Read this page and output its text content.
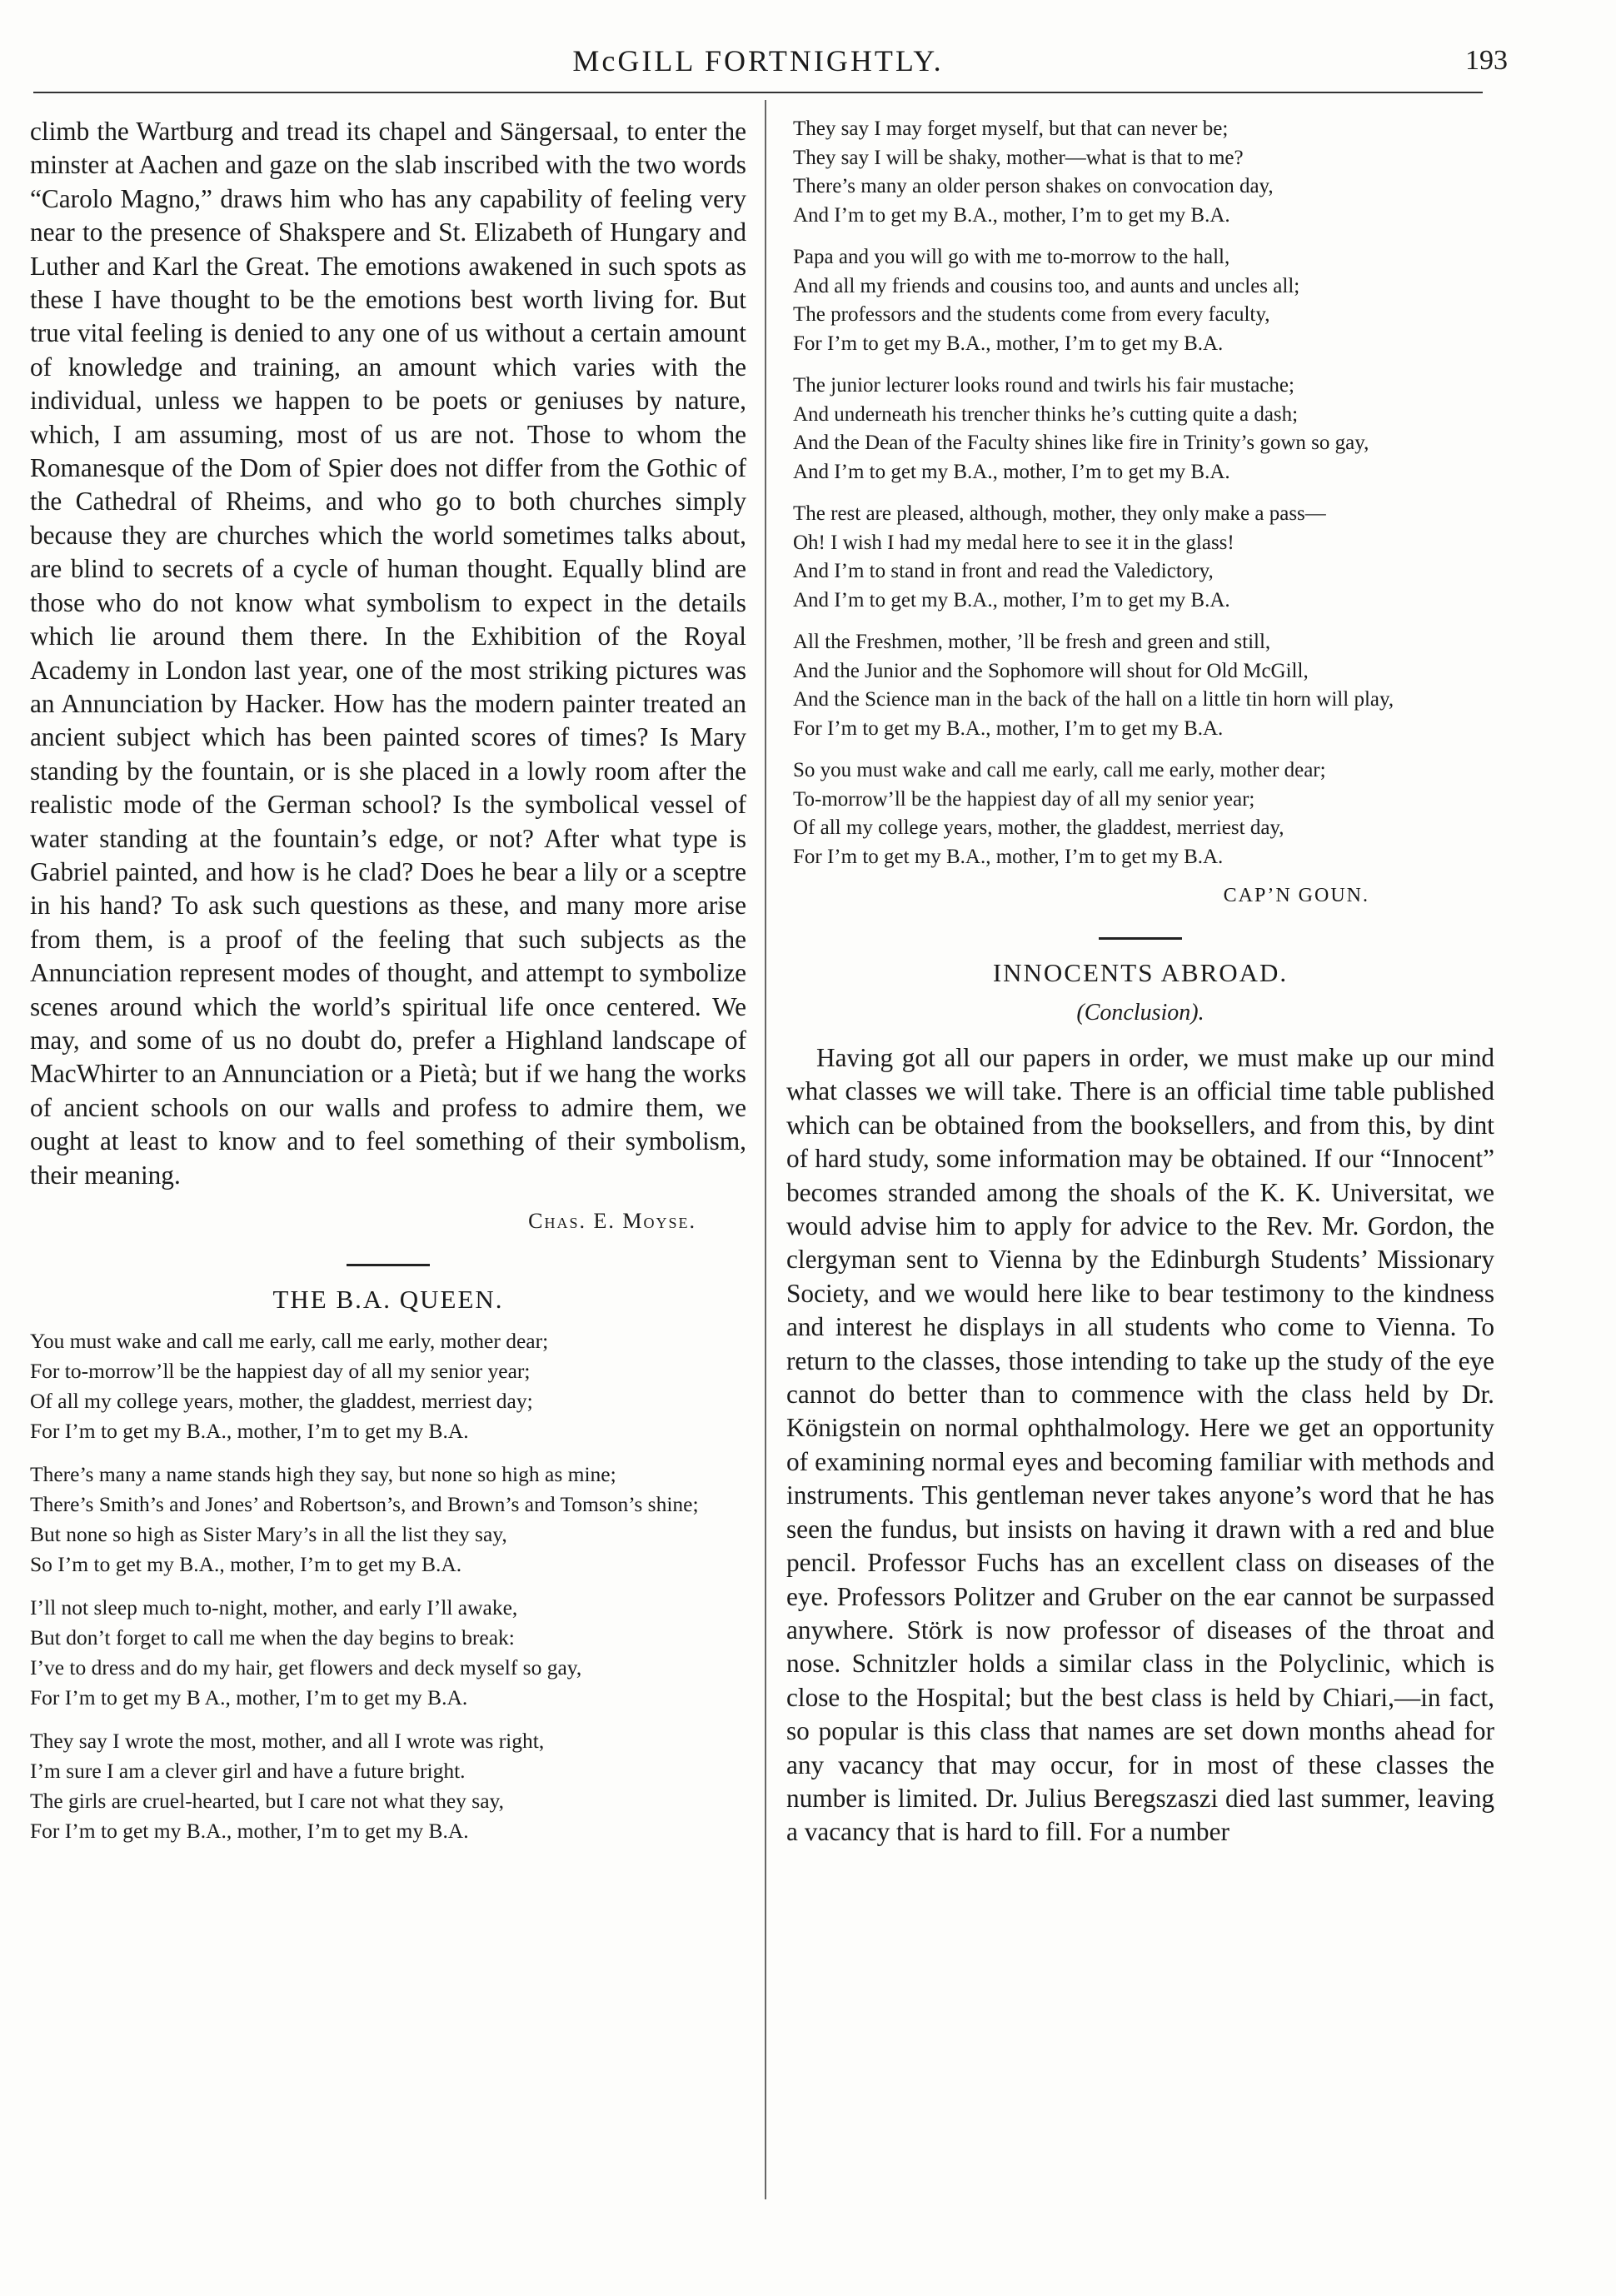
McGILL FORTNIGHTLY.	193

climb the Wartburg and tread its chapel and Sängersaal, to enter the minster at Aachen and gaze on the slab inscribed with the two words “Carolo Magno,” draws him who has any capability of feeling very near to the presence of Shakspere and St. Elizabeth of Hungary and Luther and Karl the Great. The emotions awakened in such spots as these I have thought to be the emotions best worth living for. But true vital feeling is denied to any one of us without a certain amount of knowledge and training, an amount which varies with the individual, unless we happen to be poets or geniuses by nature, which, I am assuming, most of us are not. Those to whom the Romanesque of the Dom of Spier does not differ from the Gothic of the Cathedral of Rheims, and who go to both churches simply because they are churches which the world sometimes talks about, are blind to secrets of a cycle of human thought. Equally blind are those who do not know what symbolism to expect in the details which lie around them there. In the Exhibition of the Royal Academy in London last year, one of the most striking pictures was an Annunciation by Hacker. How has the modern painter treated an ancient subject which has been painted scores of times? Is Mary standing by the fountain, or is she placed in a lowly room after the realistic mode of the German school? Is the symbolical vessel of water standing at the fountain’s edge, or not? After what type is Gabriel painted, and how is he clad? Does he bear a lily or a sceptre in his hand? To ask such questions as these, and many more arise from them, is a proof of the feeling that such subjects as the Annunciation represent modes of thought, and attempt to symbolize scenes around which the world’s spiritual life once centered. We may, and some of us no doubt do, prefer a Highland landscape of MacWhirter to an Annunciation or a Pietà; but if we hang the works of ancient schools on our walls and profess to admire them, we ought at least to know and to feel something of their symbolism, their meaning.

Chas. E. Moyse.
THE B.A. QUEEN.
You must wake and call me early, call me early, mother dear;
For to-morrow’ll be the happiest day of all my senior year;
Of all my college years, mother, the gladdest, merriest day;
For I’m to get my B.A., mother, I’m to get my B.A.
There’s many a name stands high they say, but none so high as mine;
There’s Smith’s and Jones’ and Robertson’s, and Brown’s and Tomson’s shine;
But none so high as Sister Mary’s in all the list they say,
So I’m to get my B.A., mother, I’m to get my B.A.
I’ll not sleep much to-night, mother, and early I’ll awake,
But don’t forget to call me when the day begins to break:
I’ve to dress and do my hair, get flowers and deck myself so gay,
For I’m to get my B A., mother, I’m to get my B.A.
They say I wrote the most, mother, and all I wrote was right,
I’m sure I am a clever girl and have a future bright.
The girls are cruel-hearted, but I care not what they say,
For I’m to get my B.A., mother, I’m to get my B.A.
They say I may forget myself, but that can never be;
They say I will be shaky, mother—what is that to me?
There’s many an older person shakes on convocation day,
And I’m to get my B.A., mother, I’m to get my B.A.
Papa and you will go with me to-morrow to the hall,
And all my friends and cousins too, and aunts and uncles all;
The professors and the students come from every faculty,
For I’m to get my B.A., mother, I’m to get my B.A.
The junior lecturer looks round and twirls his fair mustache;
And underneath his trencher thinks he’s cutting quite a dash;
And the Dean of the Faculty shines like fire in Trinity’s gown so gay,
And I’m to get my B.A., mother, I’m to get my B.A.
The rest are pleased, although, mother, they only make a pass—
Oh! I wish I had my medal here to see it in the glass!
And I’m to stand in front and read the Valedictory,
And I’m to get my B.A., mother, I’m to get my B.A.
All the Freshmen, mother, ’ll be fresh and green and still,
And the Junior and the Sophomore will shout for Old McGill,
And the Science man in the back of the hall on a little tin horn will play,
For I’m to get my B.A., mother, I’m to get my B.A.
So you must wake and call me early, call me early, mother dear;
To-morrow’ll be the happiest day of all my senior year;
Of all my college years, mother, the gladdest, merriest day,
For I’m to get my B.A., mother, I’m to get my B.A.
CAP’N GOUN.
INNOCENTS ABROAD.
(Conclusion).

Having got all our papers in order, we must make up our mind what classes we will take. There is an official time table published which can be obtained from the booksellers, and from this, by dint of hard study, some information may be obtained. If our “Innocent” becomes stranded among the shoals of the K. K. Universitat, we would advise him to apply for advice to the Rev. Mr. Gordon, the clergyman sent to Vienna by the Edinburgh Students’ Missionary Society, and we would here like to bear testimony to the kindness and interest he displays in all students who come to Vienna. To return to the classes, those intending to take up the study of the eye cannot do better than to commence with the class held by Dr. Königstein on normal ophthalmology. Here we get an opportunity of examining normal eyes and becoming familiar with methods and instruments. This gentleman never takes anyone’s word that he has seen the fundus, but insists on having it drawn with a red and blue pencil. Professor Fuchs has an excellent class on diseases of the eye. Professors Politzer and Gruber on the ear cannot be surpassed anywhere. Störk is now professor of diseases of the throat and nose. Schnitzler holds a similar class in the Polyclinic, which is close to the Hospital; but the best class is held by Chiari,—in fact, so popular is this class that names are set down months ahead for any vacancy that may occur, for in most of these classes the number is limited. Dr. Julius Beregszaszi died last summer, leaving a vacancy that is hard to fill. For a number
